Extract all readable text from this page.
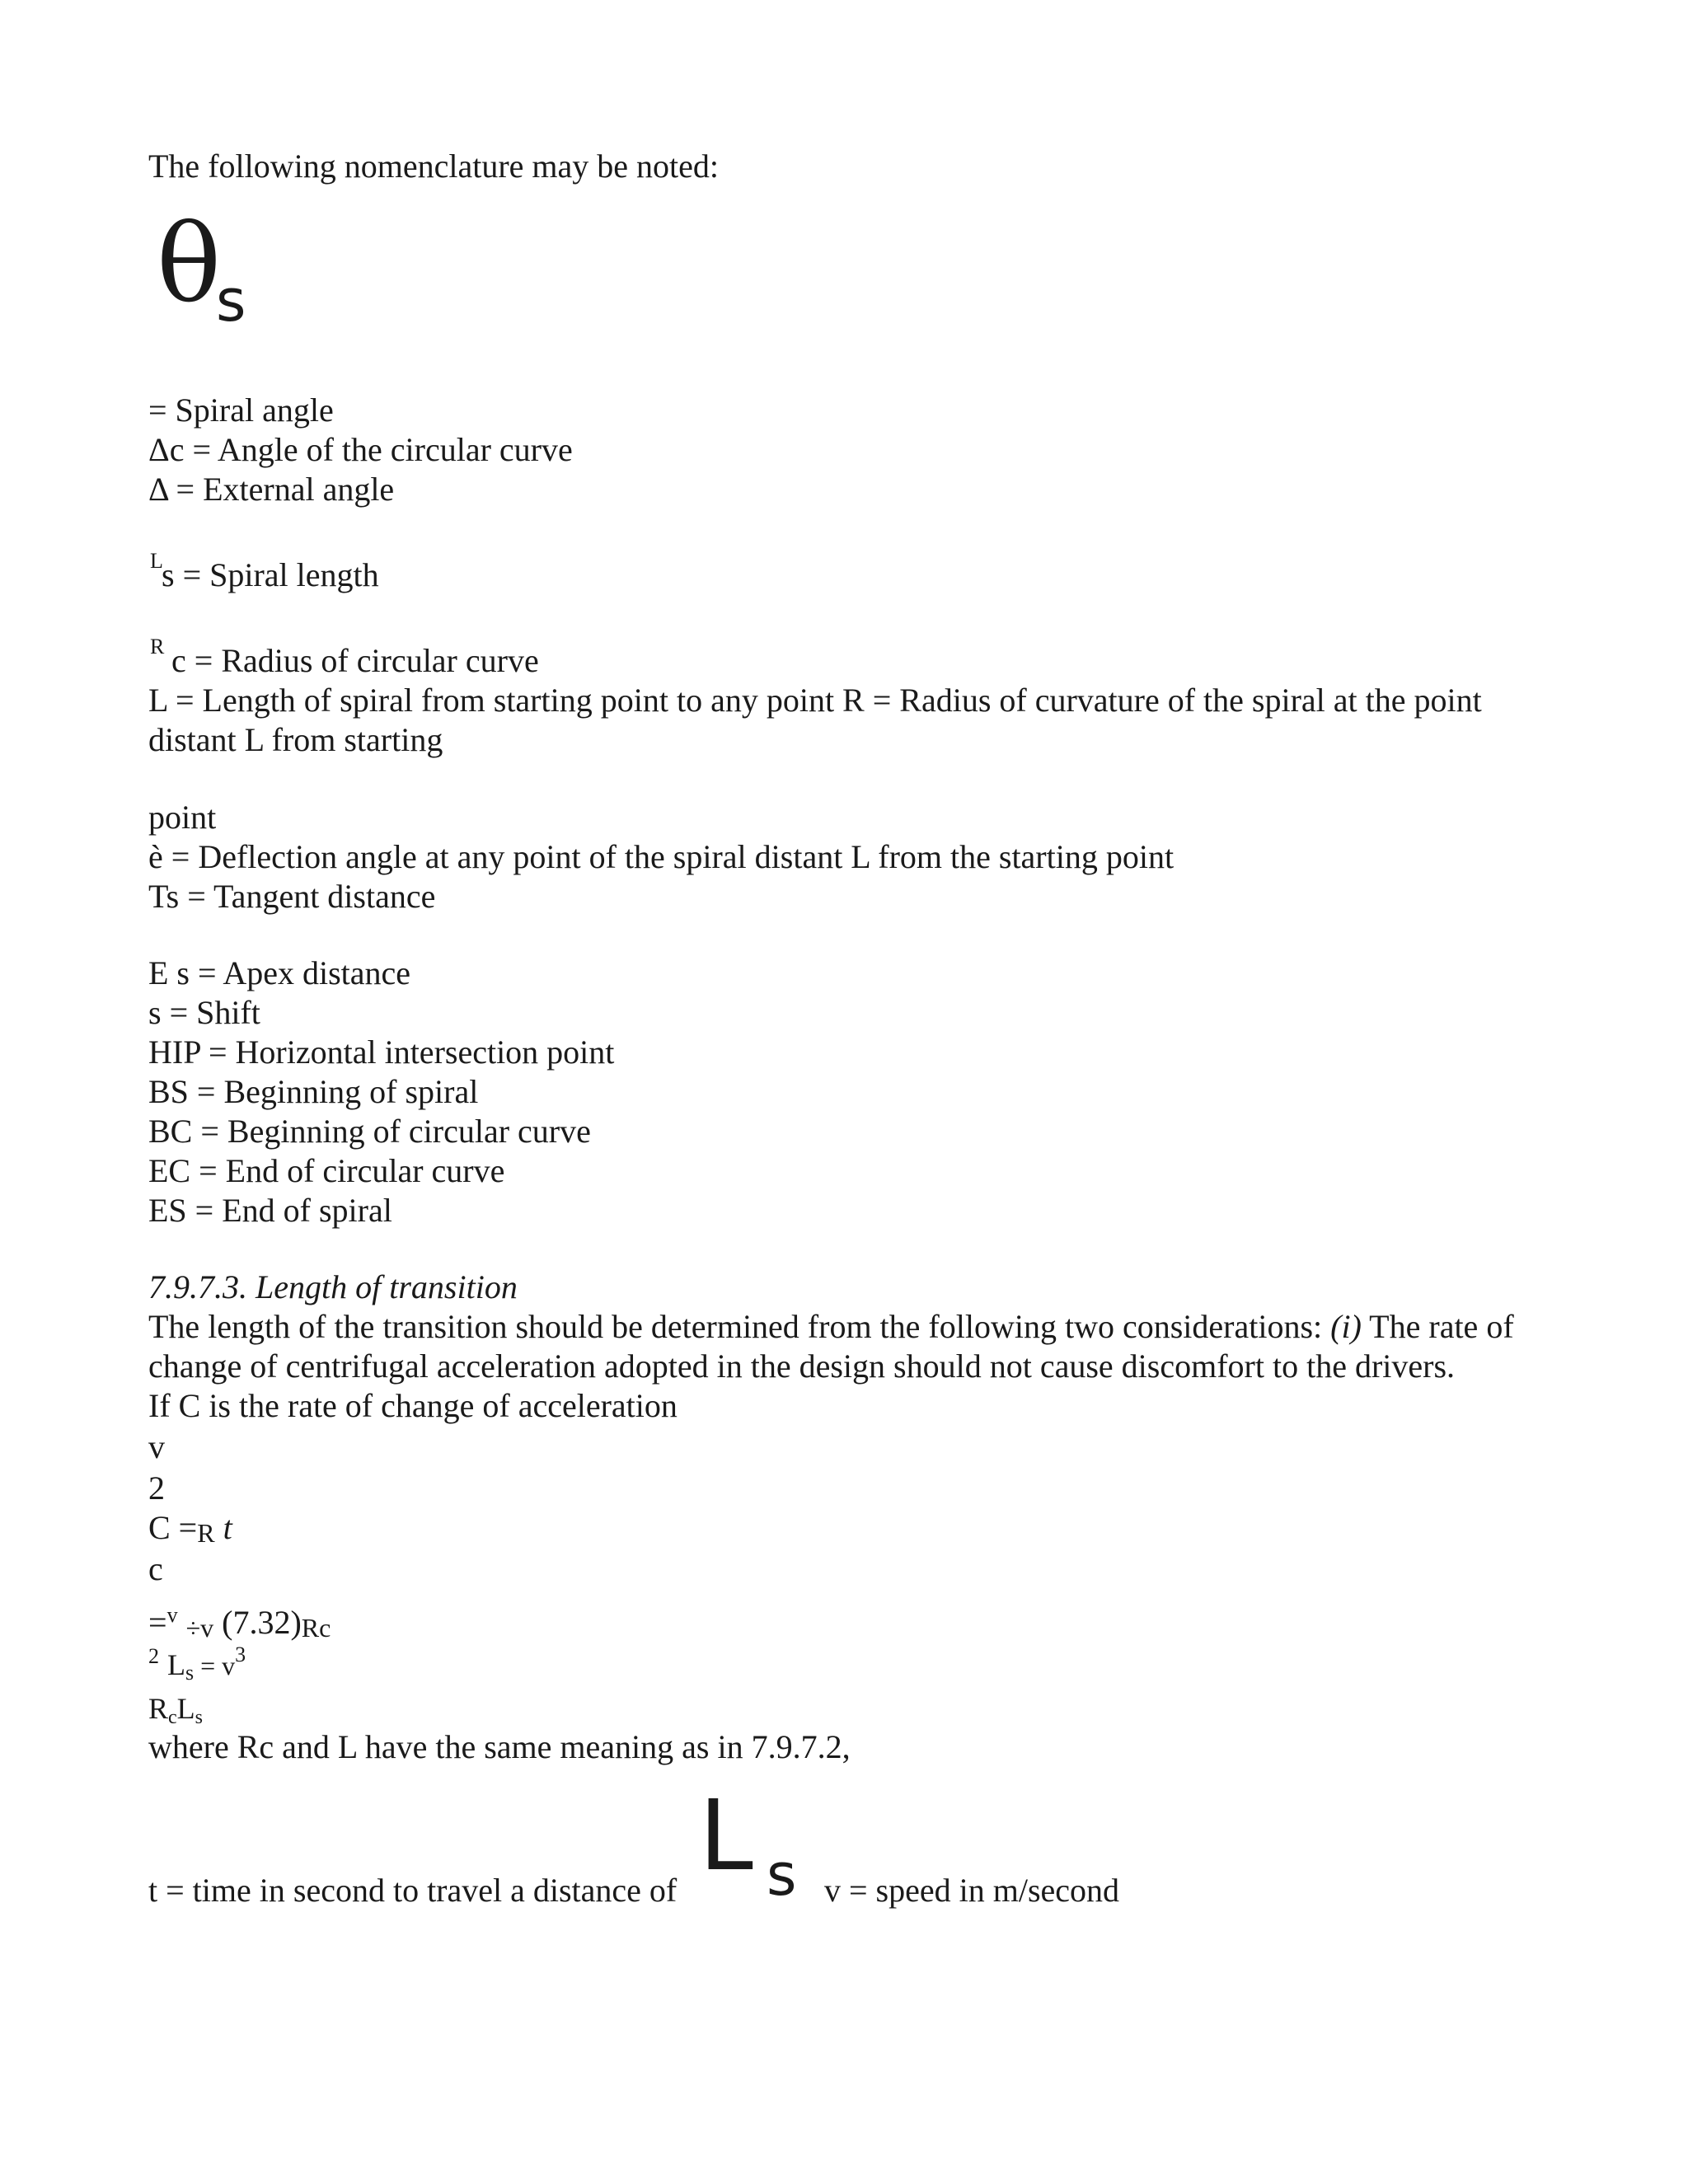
The following nomenclature may be noted:
θ
s
= Spiral angle
Δc = Angle of the circular curve
Δ = External angle
L
s = Spiral length
R c = Radius of circular curve
L = Length of spiral from starting point to any point R = Radius of curvature of the spiral at the point
distant L from starting
point
è = Deflection angle at any point of the spiral distant L from the starting point
Ts = Tangent distance
E s = Apex distance
s = Shift
HIP = Horizontal intersection point
BS = Beginning of spiral
BC = Beginning of circular curve
EC = End of circular curve
ES = End of spiral
7.9.7.3. Length of transition
The length of the transition should be determined from the following two considerations: (i) The rate of
change of centrifugal acceleration adopted in the design should not cause discomfort to the drivers.
If C is the rate of change of acceleration
v
2
C =R t
c
=$^v$ ÷v (7.32)Rc
$^2$ $Ls = v^3$
RcLs
where Rc and L have the same meaning as in 7.9.7.2,
t = time in second to travel a distance of L s v = speed in m/second
